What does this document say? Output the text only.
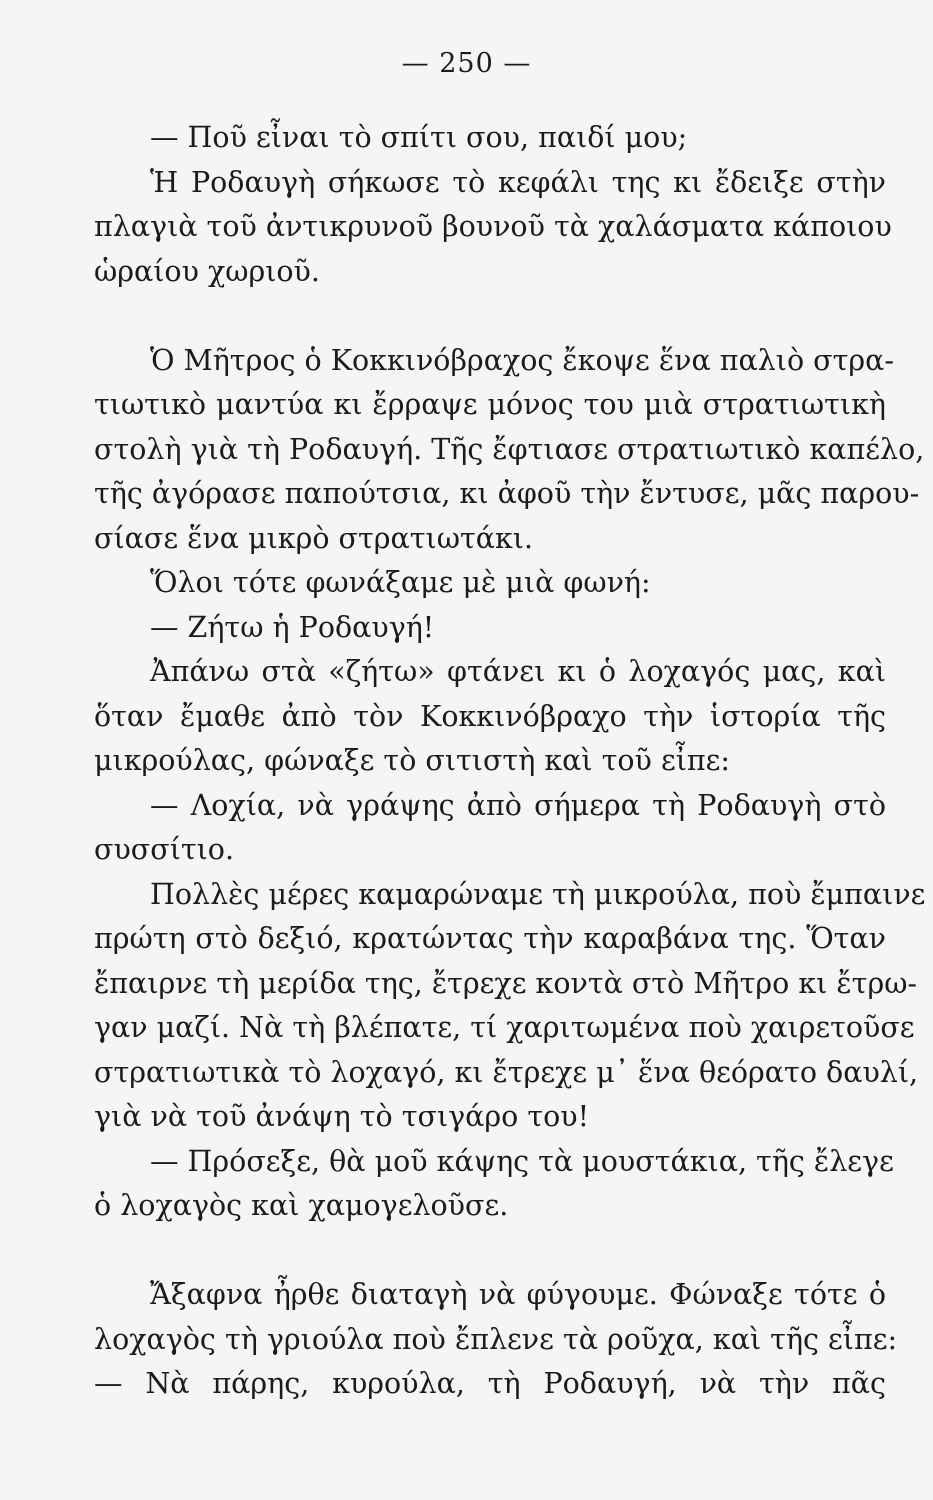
— 250 —
— Ποῦ εἶναι τὸ σπίτι σου, παιδί μου;
Ἡ Ροδαυγὴ σήκωσε τὸ κεφάλι της κι ἔδειξε στὴν
πλαγιὰ τοῦ ἀντικρυνοῦ βουνοῦ τὰ χαλάσματα κάποιου
ὡραίου χωριοῦ.
Ὁ Μῆτρος ὁ Κοκκινόβραχος ἔκοψε ἕνα παλιὸ στρα-
τιωτικὸ μαντύα κι ἔρραψε μόνος του μιὰ στρατιωτικὴ
στολὴ γιὰ τὴ Ροδαυγή. Τῆς ἔφτιασε στρατιωτικὸ καπέλο,
τῆς ἀγόρασε παπούτσια, κι ἀφοῦ τὴν ἔντυσε, μᾶς παρου-
σίασε ἕνα μικρὸ στρατιωτάκι.
Ὅλοι τότε φωνάξαμε μὲ μιὰ φωνή:
— Ζήτω ἡ Ροδαυγή!
Ἀπάνω στὰ «ζήτω» φτάνει κι ὁ λοχαγός μας, καὶ
ὅταν ἔμαθε ἀπὸ τὸν Κοκκινόβραχο τὴν ἱστορία τῆς
μικρούλας, φώναξε τὸ σιτιστὴ καὶ τοῦ εἶπε:
— Λοχία, νὰ γράψης ἀπὸ σήμερα τὴ Ροδαυγὴ στὸ
συσσίτιο.
Πολλὲς μέρες καμαρώναμε τὴ μικρούλα, ποὺ ἔμπαινε
πρώτη στὸ δεξιό, κρατώντας τὴν καραβάνα της. Ὅταν
ἔπαιρνε τὴ μερίδα της, ἔτρεχε κοντὰ στὸ Μῆτρο κι ἔτρω-
γαν μαζί. Νὰ τὴ βλέπατε, τί χαριτωμένα ποὺ χαιρετοῦσε
στρατιωτικὰ τὸ λοχαγό, κι ἔτρεχε μ᾽ ἕνα θεόρατο δαυλί,
γιὰ νὰ τοῦ ἀνάψη τὸ τσιγάρο του!
— Πρόσεξε, θὰ μοῦ κάψης τὰ μουστάκια, τῆς ἔλεγε
ὁ λοχαγὸς καὶ χαμογελοῦσε.
Ἄξαφνα ἦρθε διαταγὴ νὰ φύγουμε. Φώναξε τότε ὁ
λοχαγὸς τὴ γριούλα ποὺ ἔπλενε τὰ ροῦχα, καὶ τῆς εἶπε:
— Νὰ πάρης, κυρούλα, τὴ Ροδαυγή, νὰ τὴν πᾶς
